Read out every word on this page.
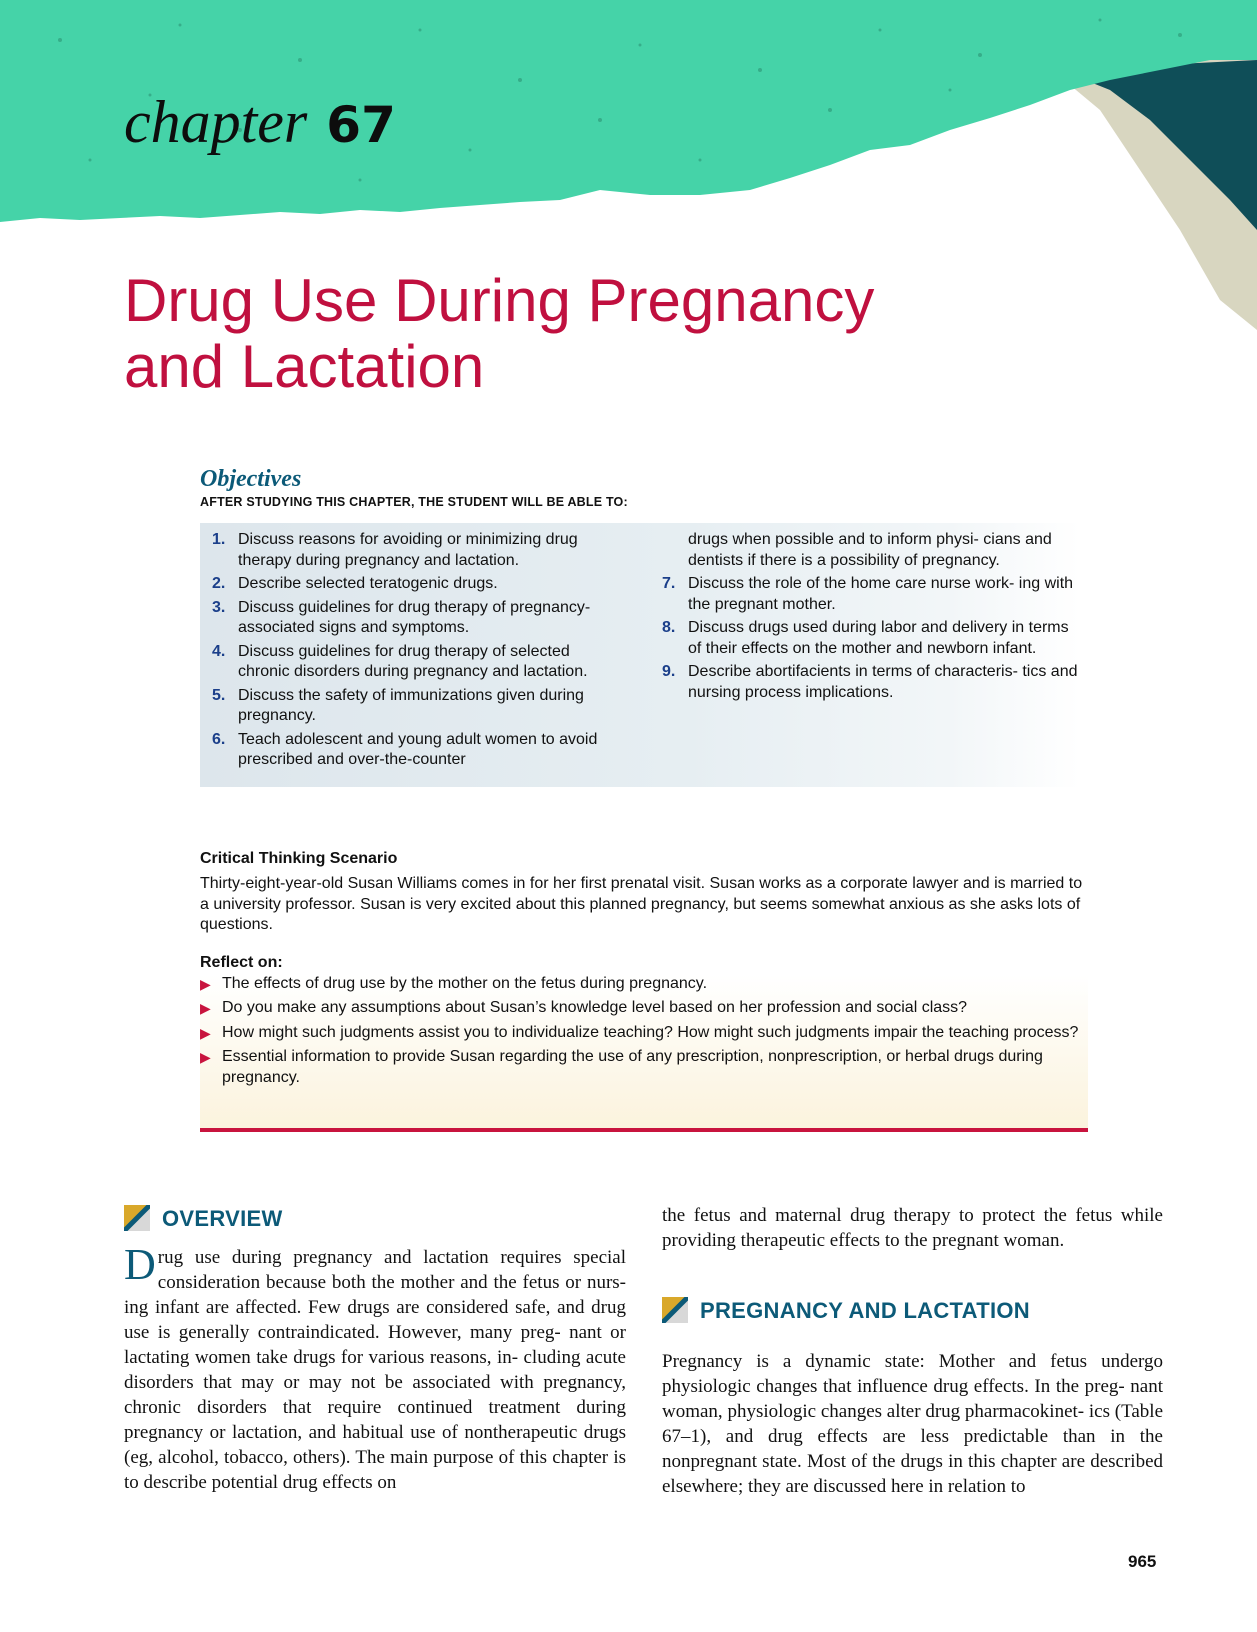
chapter 67
Drug Use During Pregnancy
and Lactation
Objectives

AFTER STUDYING THIS CHAPTER, THE STUDENT WILL BE ABLE TO:

1. Discuss reasons for avoiding or minimizing drug therapy during pregnancy and lactation.
2. Describe selected teratogenic drugs.
3. Discuss guidelines for drug therapy of pregnancy-associated signs and symptoms.
4. Discuss guidelines for drug therapy of selected chronic disorders during pregnancy and lactation.
5. Discuss the safety of immunizations given during pregnancy.
6. Teach adolescent and young adult women to avoid prescribed and over-the-counter
drugs when possible and to inform physi- cians and dentists if there is a possibility of pregnancy.
7. Discuss the role of the home care nurse work- ing with the pregnant mother.
8. Discuss drugs used during labor and delivery in terms of their effects on the mother and newborn infant.
9. Describe abortifacients in terms of characteris- tics and nursing process implications.
Critical Thinking Scenario

Thirty-eight-year-old Susan Williams comes in for her first prenatal visit. Susan works as a corporate lawyer and is married to a university professor. Susan is very excited about this planned pregnancy, but seems somewhat anxious as she asks lots of questions.

Reflect on:

▶ The effects of drug use by the mother on the fetus during pregnancy.
▶ Do you make any assumptions about Susan’s knowledge level based on her profession and social class?
▶ How might such judgments assist you to individualize teaching? How might such judgments impair the teaching process?
▶ Essential information to provide Susan regarding the use of any prescription, nonprescription, or herbal drugs during pregnancy.
OVERVIEW

Drug use during pregnancy and lactation requires special consideration because both the mother and the fetus or nurs- ing infant are affected. Few drugs are considered safe, and drug use is generally contraindicated. However, many preg- nant or lactating women take drugs for various reasons, in- cluding acute disorders that may or may not be associated with pregnancy, chronic disorders that require continued treatment during pregnancy or lactation, and habitual use of nontherapeutic drugs (eg, alcohol, tobacco, others). The main purpose of this chapter is to describe potential drug effects on

the fetus and maternal drug therapy to protect the fetus while providing therapeutic effects to the pregnant woman.

PREGNANCY AND LACTATION

Pregnancy is a dynamic state: Mother and fetus undergo physiologic changes that influence drug effects. In the preg- nant woman, physiologic changes alter drug pharmacokinet- ics (Table 67–1), and drug effects are less predictable than in the nonpregnant state. Most of the drugs in this chapter are described elsewhere; they are discussed here in relation to

965
